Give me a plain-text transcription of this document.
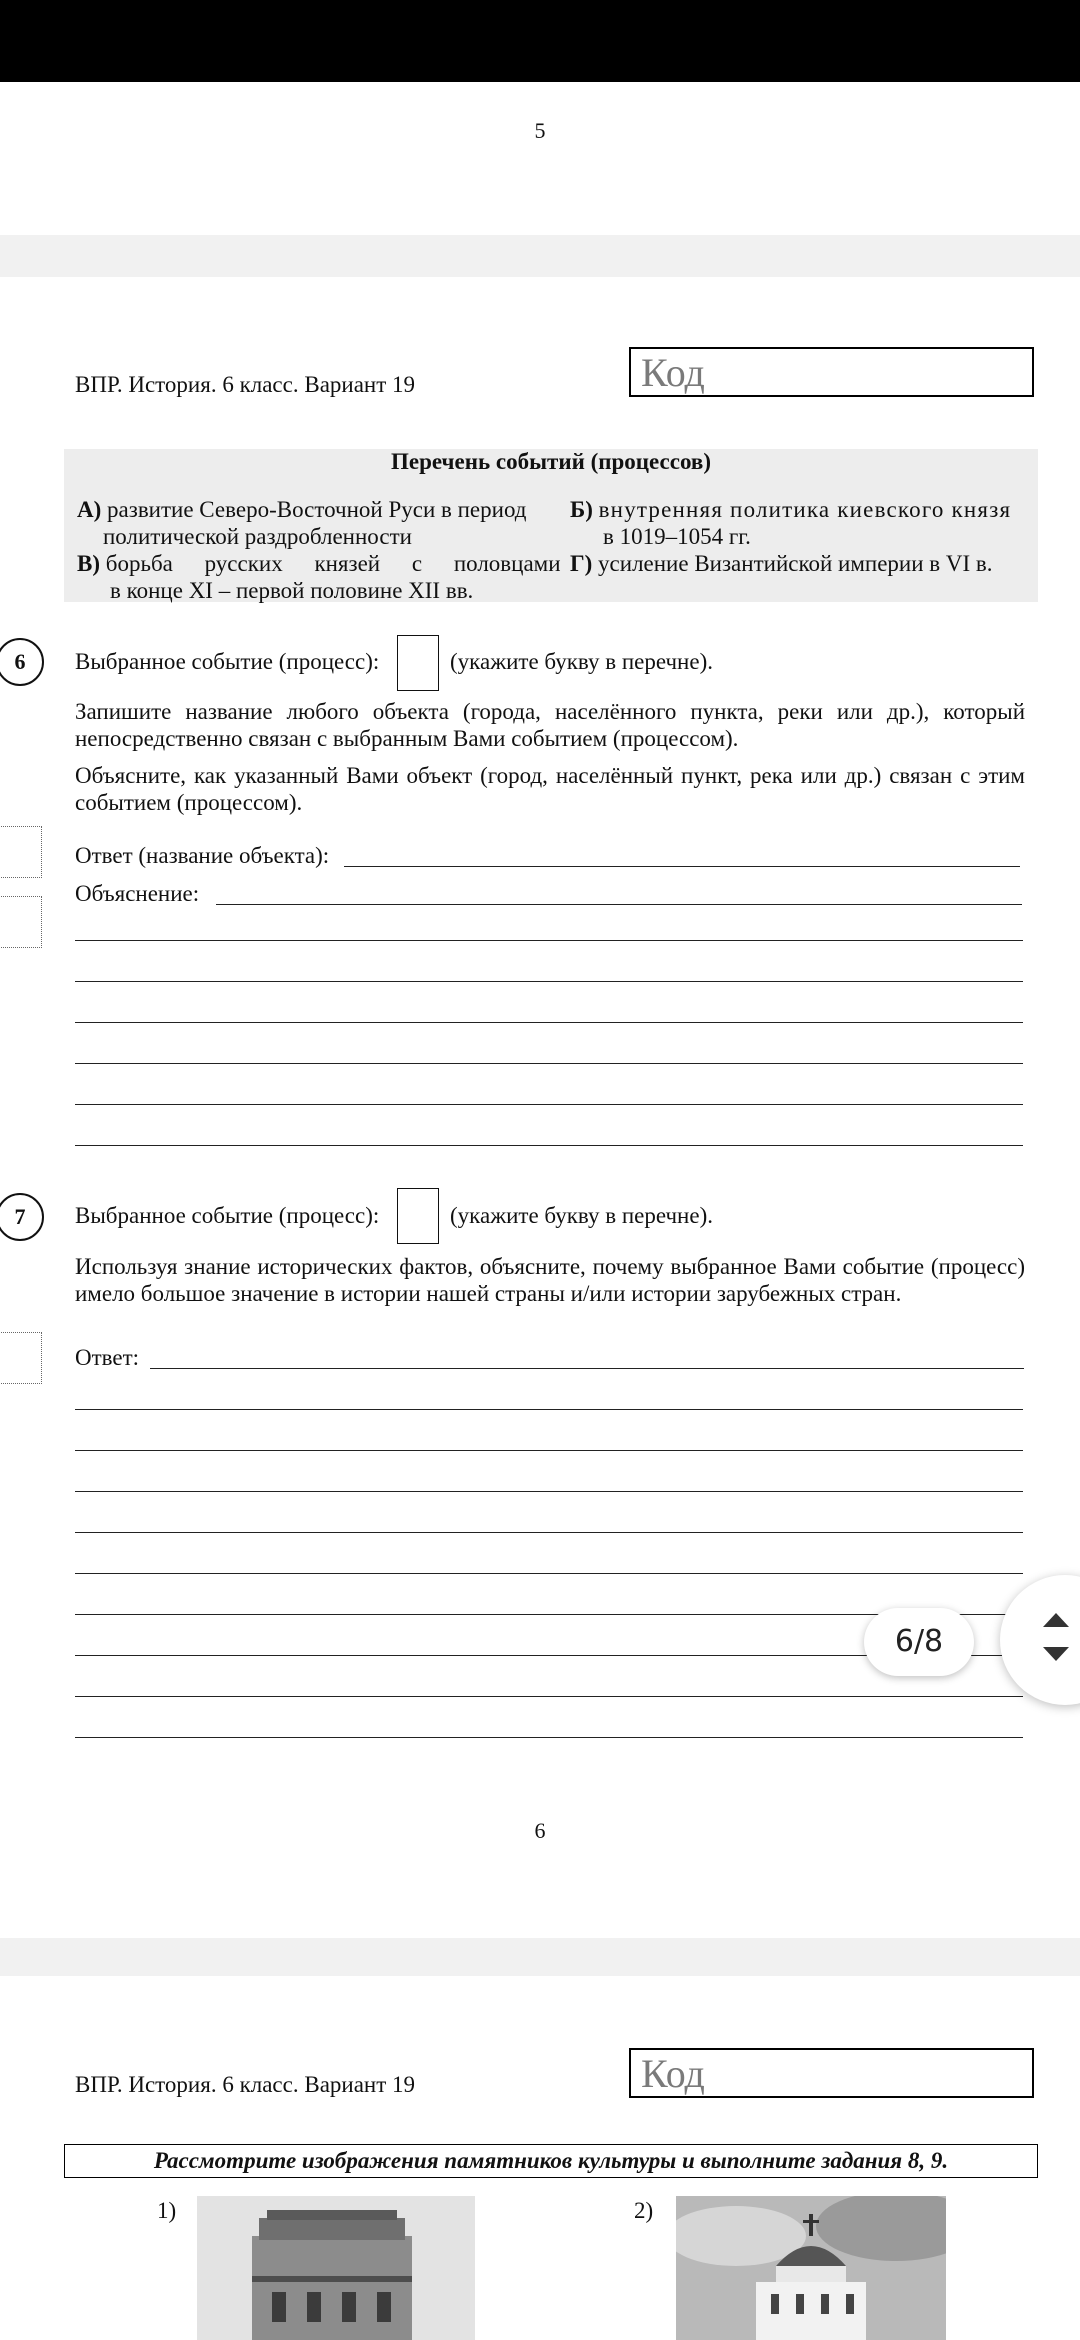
5
ВПР. История. 6 класс. Вариант 19	Код
Перечень событий (процессов)
А) развитие Северо-Восточной Руси в период
политической раздробленности
Б) внутренняя политика киевского князя
в 1019–1054 гг.
В) борьба русских князей с половцами
в конце XI – первой половине XII вв.
Г) усиление Византийской империи в VI в.
6	Выбранное событие (процесс):	(укажите букву в перечне).
Запишите название любого объекта (города, населённого пункта, реки или др.), который непосредственно связан с выбранным Вами событием (процессом).
Объясните, как указанный Вами объект (город, населённый пункт, река или др.) связан с этим событием (процессом).
Ответ (название объекта):
Объяснение:
7	Выбранное событие (процесс):	(укажите букву в перечне).
Используя знание исторических фактов, объясните, почему выбранное Вами событие (процесс) имело большое значение в истории нашей страны и/или истории зарубежных стран.
Ответ:
6
ВПР. История. 6 класс. Вариант 19	Код
Рассмотрите изображения памятников культуры и выполните задания 8, 9.
1)	2)
6/8
